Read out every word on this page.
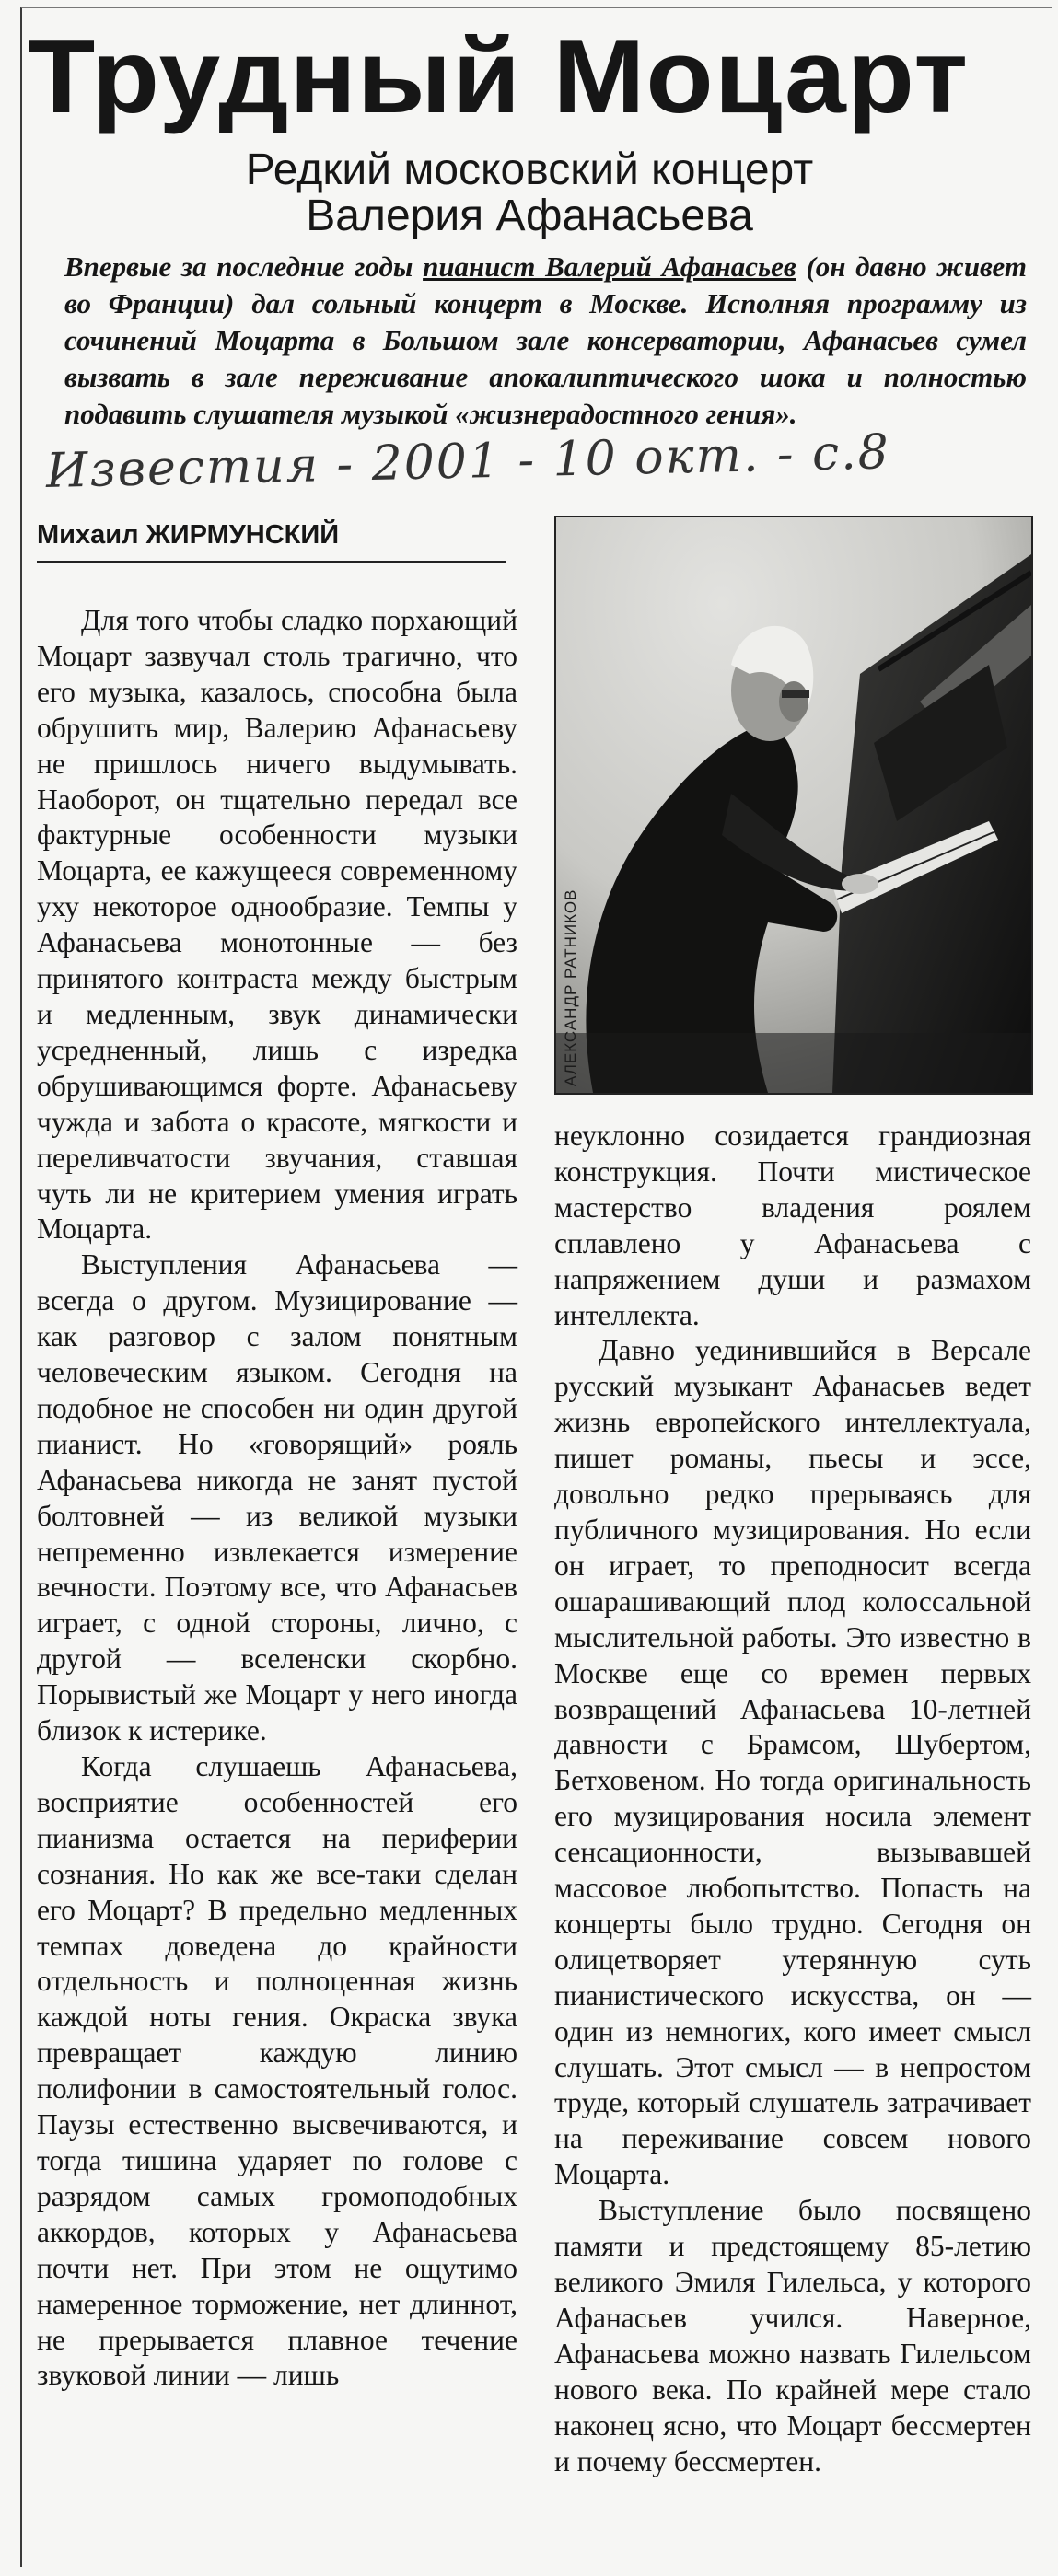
Трудный Моцарт
Редкий московский концерт
Валерия Афанасьева
Впервые за последние годы пианист Валерий Афанасьев (он давно живет во Франции) дал сольный концерт в Москве. Исполняя программу из сочинений Моцарта в Большом зале консерватории, Афанасьев сумел вызвать в зале переживание апокалиптического шока и полностью подавить слушателя музыкой «жизнерадостного гения».
Известия - 2001 - 10 окт. - с.8
Михаил ЖИРМУНСКИЙ
АЛЕКСАНДР РАТНИКОВ

Для того чтобы сладко порхающий Моцарт зазвучал столь трагично, что его музыка, казалось, способна была обрушить мир, Валерию Афанасьеву не пришлось ничего выдумывать. Наоборот, он тщательно передал все фактурные особенности музыки Моцарта, ее кажущееся современному уху некоторое однообразие. Темпы у Афанасьева монотонные — без принятого контраста между быстрым и медленным, звук динамически усредненный, лишь с изредка обрушивающимся форте. Афанасьеву чужда и забота о красоте, мягкости и переливчатости звучания, ставшая чуть ли не критерием умения играть Моцарта.

Выступления Афанасьева — всегда о другом. Музицирование — как разговор с залом понятным человеческим языком. Сегодня на подобное не способен ни один другой пианист. Но «говорящий» рояль Афанасьева никогда не занят пустой болтовней — из великой музыки непременно извлекается измерение вечности. Поэтому все, что Афанасьев играет, с одной стороны, лично, с другой — вселенски скорбно. Порывистый же Моцарт у него иногда близок к истерике.

Когда слушаешь Афанасьева, восприятие особенностей его пианизма остается на периферии сознания. Но как же все-таки сделан его Моцарт? В предельно медленных темпах доведена до крайности отдельность и полноценная жизнь каждой ноты гения. Окраска звука превращает каждую линию полифонии в самостоятельный голос. Паузы естественно высвечиваются, и тогда тишина ударяет по голове с разрядом самых громоподобных аккордов, которых у Афанасьева почти нет. При этом не ощутимо намеренное торможение, нет длиннот, не прерывается плавное течение звуковой линии — лишь

неуклонно созидается грандиозная конструкция. Почти мистическое мастерство владения роялем сплавлено у Афанасьева с напряжением души и размахом интеллекта.

Давно уединившийся в Версале русский музыкант Афанасьев ведет жизнь европейского интеллектуала, пишет романы, пьесы и эссе, довольно редко прерываясь для публичного музицирования. Но если он играет, то преподносит всегда ошарашивающий плод колоссальной мыслительной работы. Это известно в Москве еще со времен первых возвращений Афанасьева 10-летней давности с Брамсом, Шубертом, Бетховеном. Но тогда оригинальность его музицирования носила элемент сенсационности, вызывавшей массовое любопытство. Попасть на концерты было трудно. Сегодня он олицетворяет утерянную суть пианистического искусства, он — один из немногих, кого имеет смысл слушать. Этот смысл — в непростом труде, который слушатель затрачивает на переживание совсем нового Моцарта.

Выступление было посвящено памяти и предстоящему 85-летию великого Эмиля Гилельса, у которого Афанасьев учился. Наверное, Афанасьева можно назвать Гилельсом нового века. По крайней мере стало наконец ясно, что Моцарт бессмертен и почему бессмертен.
